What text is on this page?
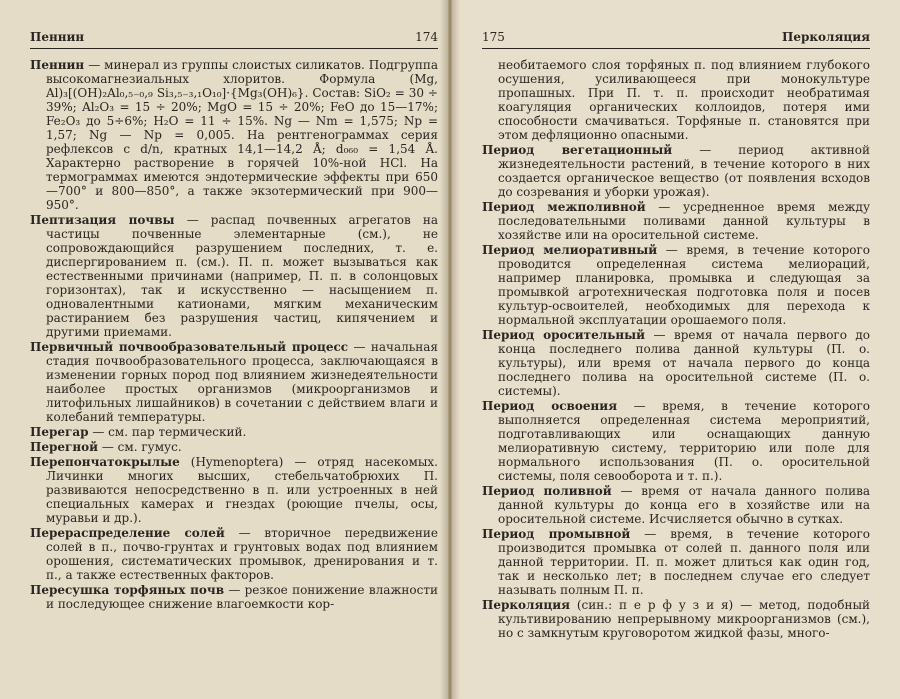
Пеннин	174

Пеннин — минерал из группы слоистых силикатов. Подгруппа высокомагнезиальных хлоритов. Формула (Mg, Al)₃[(OH)₂Al₀,₅₋₀,₉ Si₃,₅₋₃,₁O₁₀]·{Mg₃(OH)₆}. Состав: SiO₂ = 30 ÷ 39%; Al₂O₃ = 15 ÷ 20%; MgO = 15 ÷ 20%; FeO до 15—17%; Fe₂O₃ до 5÷6%; H₂O = 11 ÷ 15%. Ng — Nm = 1,575; Np = 1,57; Ng — Np = 0,005. На рентгенограммах серия рефлексов с d/n, кратных 14,1—14,2 Å; d₀₆₀ = 1,54 Å. Характерно растворение в горячей 10%-ной HCl. На термограммах имеются эндотермические эффекты при 650—700° и 800—850°, а также экзотермический при 900—950°.

Пептизация почвы — распад почвенных агрегатов на частицы почвенные элементарные (см.), не сопровождающийся разрушением последних, т. е. диспергированием п. (см.). П. п. может вызываться как естественными причинами (например, П. п. в солонцовых горизонтах), так и искусственно — насыщением п. одновалентными катионами, мягким механическим растиранием без разрушения частиц, кипячением и другими приемами.

Первичный почвообразовательный процесс — начальная стадия почвообразовательного процесса, заключающаяся в изменении горных пород под влиянием жизнедеятельности наиболее простых организмов (микроорганизмов и литофильных лишайников) в сочетании с действием влаги и колебаний температуры.

Перегар — см. пар термический.

Перегной — см. гумус.

Перепончатокрылые (Hymenoptera) — отряд насекомых. Личинки многих высших, стебельчатобрюхих П. развиваются непосредственно в п. или устроенных в ней специальных камерах и гнездах (роющие пчелы, осы, муравьи и др.).

Перераспределение солей — вторичное передвижение солей в п., почво-грунтах и грунтовых водах под влиянием орошения, систематических промывок, дренирования и т. п., а также естественных факторов.

Пересушка торфяных почв — резкое понижение влажности и последующее снижение влагоемкости кор-

175	Перколяция

необитаемого слоя торфяных п. под влиянием глубокого осушения, усиливающееся при монокультуре пропашных. При П. т. п. происходит необратимая коагуляция органических коллоидов, потеря ими способности смачиваться. Торфяные п. становятся при этом дефляционно опасными.

Период вегетационный — период активной жизнедеятельности растений, в течение которого в них создается органическое вещество (от появления всходов до созревания и уборки урожая).

Период межполивной — усредненное время между последовательными поливами данной культуры в хозяйстве или на оросительной системе.

Период мелиоративный — время, в течение которого проводится определенная система мелиораций, например планировка, промывка и следующая за промывкой агротехническая подготовка поля и посев культур-освоителей, необходимых для перехода к нормальной эксплуатации орошаемого поля.

Период оросительный — время от начала первого до конца последнего полива данной культуры (П. о. культуры), или время от начала первого до конца последнего полива на оросительной системе (П. о. системы).

Период освоения — время, в течение которого выполняется определенная система мероприятий, подготавливающих или оснащающих данную мелиоративную систему, территорию или поле для нормального использования (П. о. оросительной системы, поля севооборота и т. п.).

Период поливной — время от начала данного полива данной культуры до конца его в хозяйстве или на оросительной системе. Исчисляется обычно в сутках.

Период промывной — время, в течение которого производится промывка от солей п. данного поля или данной территории. П. п. может длиться как один год, так и несколько лет; в последнем случае его следует называть полным П. п.

Перколяция (син.: п е р ф у з и я) — метод, подобный культивированию непрерывному микроорганизмов (см.), но с замкнутым круговоротом жидкой фазы, много-
